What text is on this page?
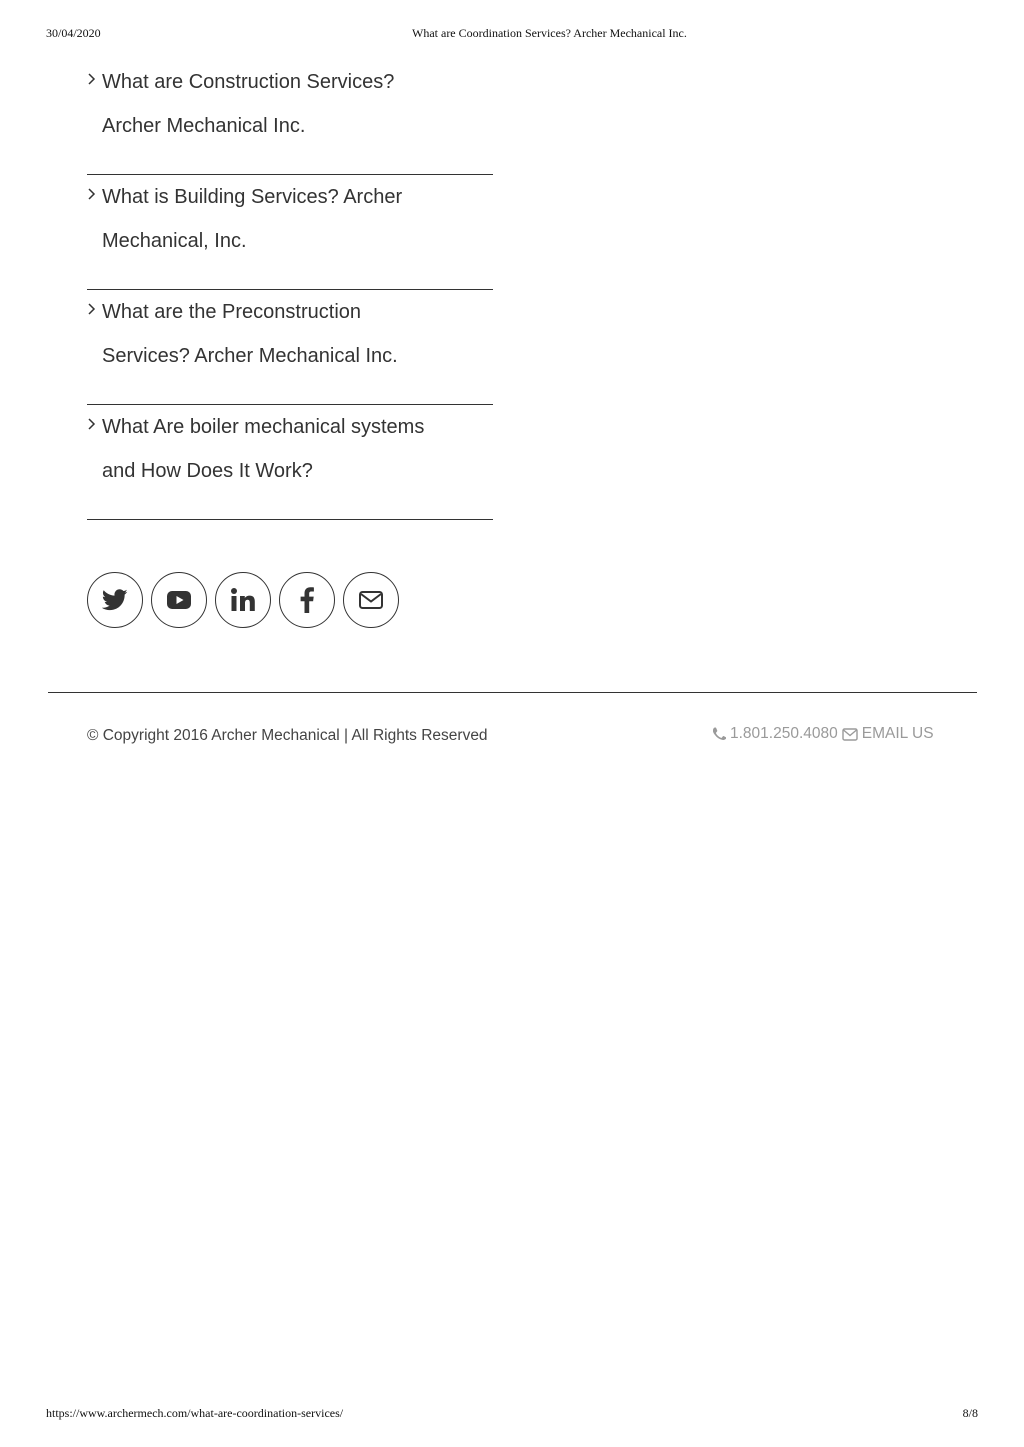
30/04/2020	What are Coordination Services? Archer Mechanical Inc.
What are Construction Services?
Archer Mechanical Inc.
What is Building Services? Archer
Mechanical, Inc.
What are the Preconstruction
Services? Archer Mechanical Inc.
What Are boiler mechanical systems
and How Does It Work?
© Copyright 2016 Archer Mechanical | All Rights Reserved	1.801.250.4080 EMAIL US
https://www.archermech.com/what-are-coordination-services/	8/8
